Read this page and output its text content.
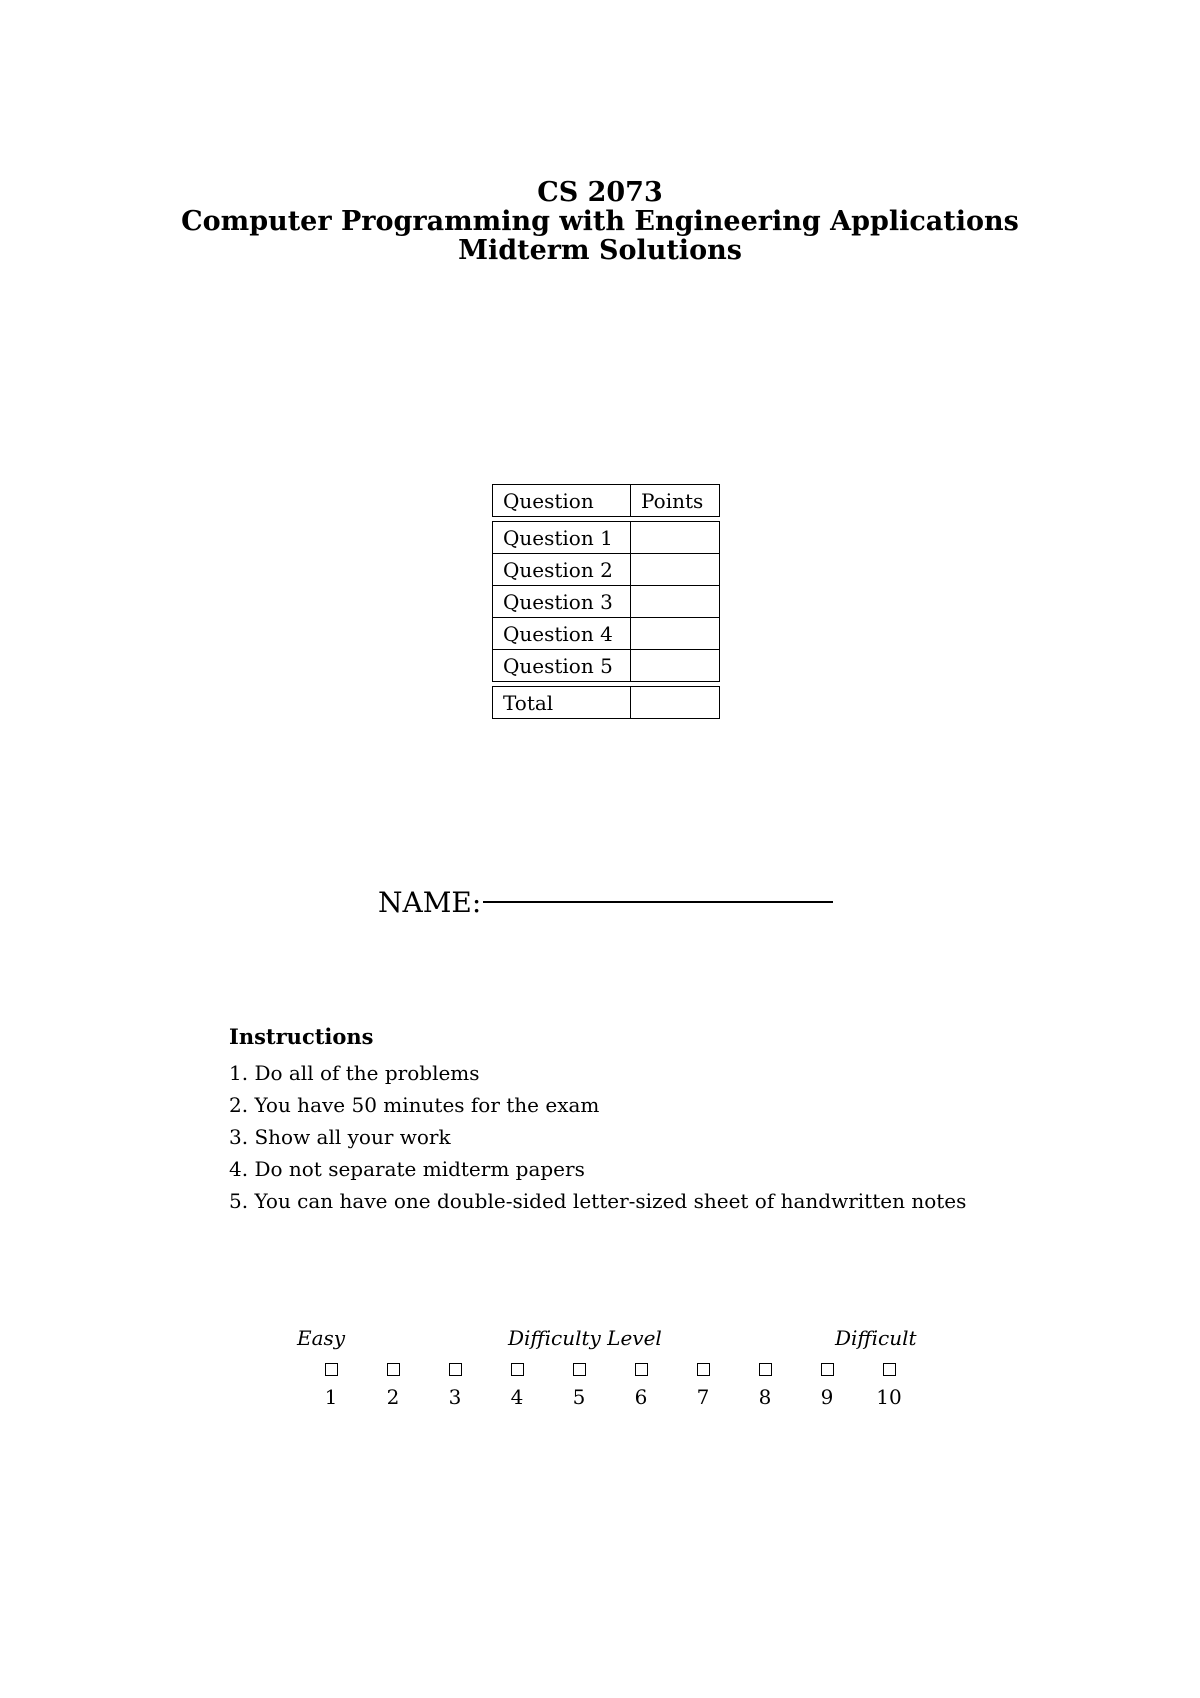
CS 2073
Computer Programming with Engineering Applications
Midterm Solutions
Question	Points

Question 1	
Question 2	
Question 3	
Question 4	
Question 5	

Total	
NAME:
Instructions
1. Do all of the problems
2. You have 50 minutes for the exam
3. Show all your work
4. Do not separate midterm papers
5. You can have one double-sided letter-sized sheet of handwritten notes
Easy	Difficulty Level	Difficult
1	2	3	4	5	6	7	8	9	10
